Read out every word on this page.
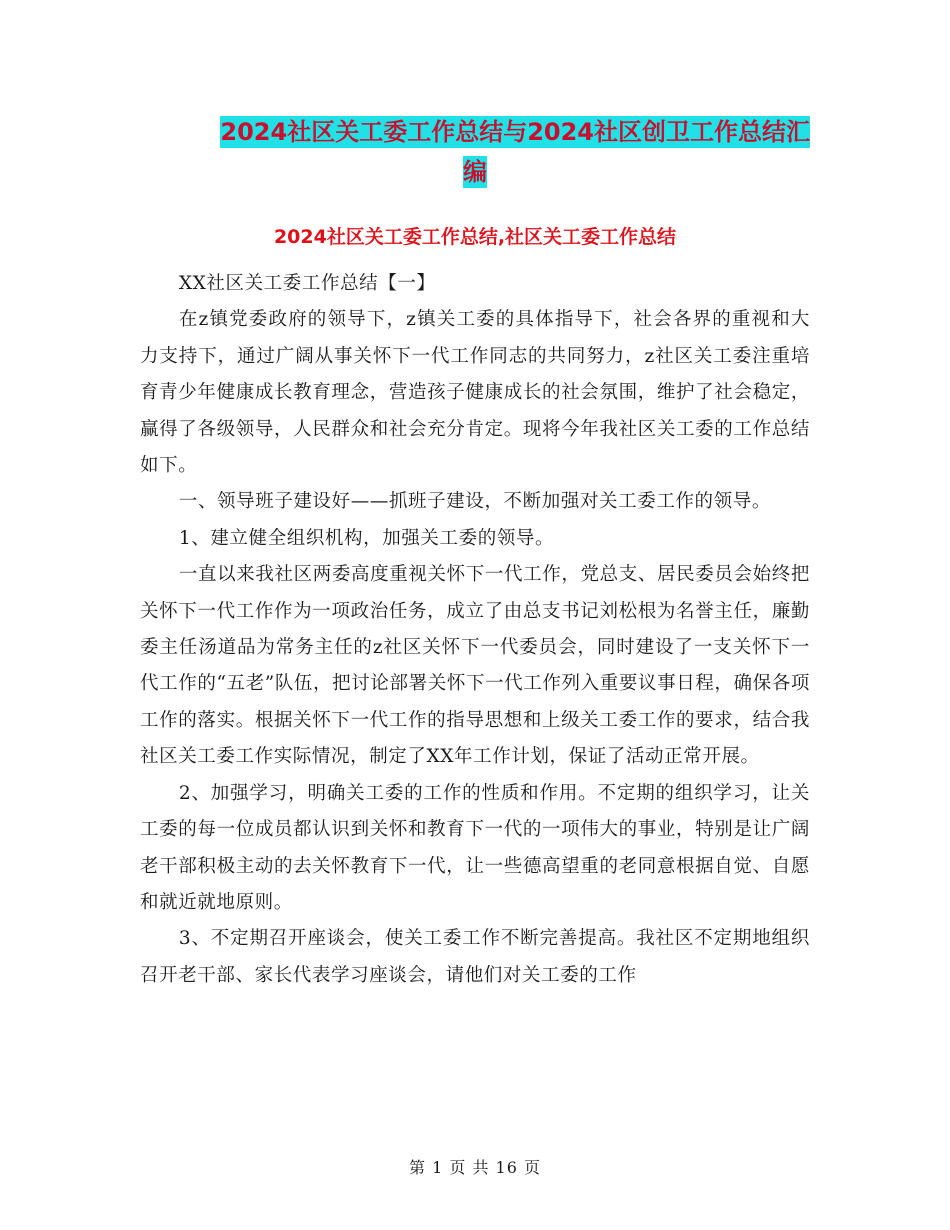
2024社区关工委工作总结与2024社区创卫工作总结汇
编
2024社区关工委工作总结,社区关工委工作总结

XX社区关工委工作总结【一】

在z镇党委政府的领导下，z镇关工委的具体指导下，社会各界的重视和大力支持下，通过广阔从事关怀下一代工作同志的共同努力，z社区关工委注重培育青少年健康成长教育理念，营造孩子健康成长的社会氛围，维护了社会稳定，赢得了各级领导，人民群众和社会充分肯定。现将今年我社区关工委的工作总结如下。

一、领导班子建设好——抓班子建设，不断加强对关工委工作的领导。

1、建立健全组织机构，加强关工委的领导。

一直以来我社区两委高度重视关怀下一代工作，党总支、居民委员会始终把关怀下一代工作作为一项政治任务，成立了由总支书记刘松根为名誉主任，廉勤委主任汤道品为常务主任的z社区关怀下一代委员会，同时建设了一支关怀下一代工作的“五老”队伍，把讨论部署关怀下一代工作列入重要议事日程，确保各项工作的落实。根据关怀下一代工作的指导思想和上级关工委工作的要求，结合我社区关工委工作实际情况，制定了XX年工作计划，保证了活动正常开展。

2、加强学习，明确关工委的工作的性质和作用。不定期的组织学习，让关工委的每一位成员都认识到关怀和教育下一代的一项伟大的事业，特别是让广阔老干部积极主动的去关怀教育下一代，让一些德高望重的老同意根据自觉、自愿和就近就地原则。

3、不定期召开座谈会，使关工委工作不断完善提高。我社区不定期地组织召开老干部、家长代表学习座谈会，请他们对关工委的工作

第 1 页 共 16 页
